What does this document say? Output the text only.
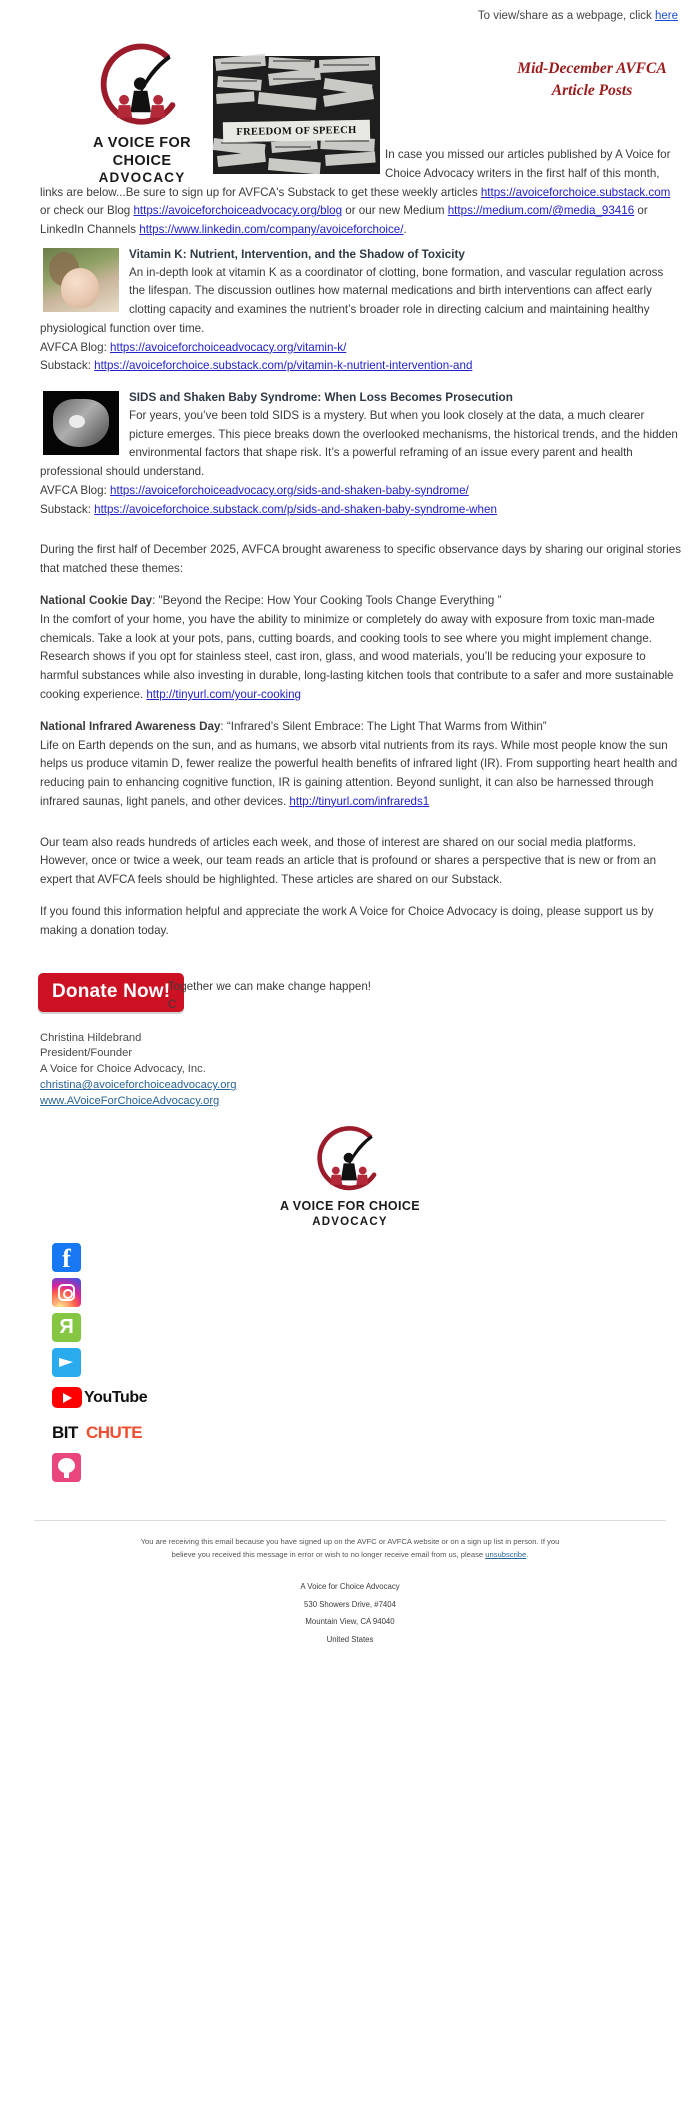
To view/share as a webpage, click here
A VOICE FOR CHOICE
ADVOCACY
FREEDOM OF SPEECH
Mid-December AVFCA Article Posts

In case you missed our articles published by A Voice for Choice Advocacy writers in the first half of this month, links are below...Be sure to sign up for AVFCA's Substack to get these weekly articles https://avoiceforchoice.substack.com or check our Blog https://avoiceforchoiceadvocacy.org/blog or our new Medium https://medium.com/@media_93416 or LinkedIn Channels https://www.linkedin.com/company/avoiceforchoice/.

Vitamin K: Nutrient, Intervention, and the Shadow of Toxicity
An in-depth look at vitamin K as a coordinator of clotting, bone formation, and vascular regulation across the lifespan. The discussion outlines how maternal medications and birth interventions can affect early clotting capacity and examines the nutrient’s broader role in directing calcium and maintaining healthy physiological function over time.
AVFCA Blog: https://avoiceforchoiceadvocacy.org/vitamin-k/
Substack: https://avoiceforchoice.substack.com/p/vitamin-k-nutrient-intervention-and
SIDS and Shaken Baby Syndrome: When Loss Becomes Prosecution
For years, you’ve been told SIDS is a mystery. But when you look closely at the data, a much clearer picture emerges. This piece breaks down the overlooked mechanisms, the historical trends, and the hidden environmental factors that shape risk. It’s a powerful reframing of an issue every parent and health professional should understand.
AVFCA Blog: https://avoiceforchoiceadvocacy.org/sids-and-shaken-baby-syndrome/
Substack: https://avoiceforchoice.substack.com/p/sids-and-shaken-baby-syndrome-when

During the first half of December 2025, AVFCA brought awareness to specific observance days by sharing our original stories that matched these themes:

National Cookie Day: "Beyond the Recipe: How Your Cooking Tools Change Everything ”
In the comfort of your home, you have the ability to minimize or completely do away with exposure from toxic man-made chemicals. Take a look at your pots, pans, cutting boards, and cooking tools to see where you might implement change. Research shows if you opt for stainless steel, cast iron, glass, and wood materials, you’ll be reducing your exposure to harmful substances while also investing in durable, long-lasting kitchen tools that contribute to a safer and more sustainable cooking experience. http://tinyurl.com/your-cooking

National Infrared Awareness Day: “Infrared’s Silent Embrace: The Light That Warms from Within”
Life on Earth depends on the sun, and as humans, we absorb vital nutrients from its rays. While most people know the sun helps us produce vitamin D, fewer realize the powerful health benefits of infrared light (IR). From supporting heart health and reducing pain to enhancing cognitive function, IR is gaining attention. Beyond sunlight, it can also be harnessed through infrared saunas, light panels, and other devices. http://tinyurl.com/infrareds1

Our team also reads hundreds of articles each week, and those of interest are shared on our social media platforms. However, once or twice a week, our team reads an article that is profound or shares a perspective that is new or from an expert that AVFCA feels should be highlighted. These articles are shared on our Substack.

If you found this information helpful and appreciate the work A Voice for Choice Advocacy is doing, please support us by making a donation today.

Donate Now!
Together we can make change happen!
C
Christina Hildebrand
President/Founder
A Voice for Choice Advocacy, Inc.
christina@avoiceforchoiceadvocacy.org
www.AVoiceForChoiceAdvocacy.org
A VOICE FOR CHOICE
ADVOCACY
f
R
YouTube
BIT CHUTE
You are receiving this email because you have signed up on the AVFC or AVFCA website or on a sign up list in person. If you
believe you received this message in error or wish to no longer receive email from us, please unsubscribe.
A Voice for Choice Advocacy
530 Showers Drive, #7404
Mountain View, CA 94040
United States
